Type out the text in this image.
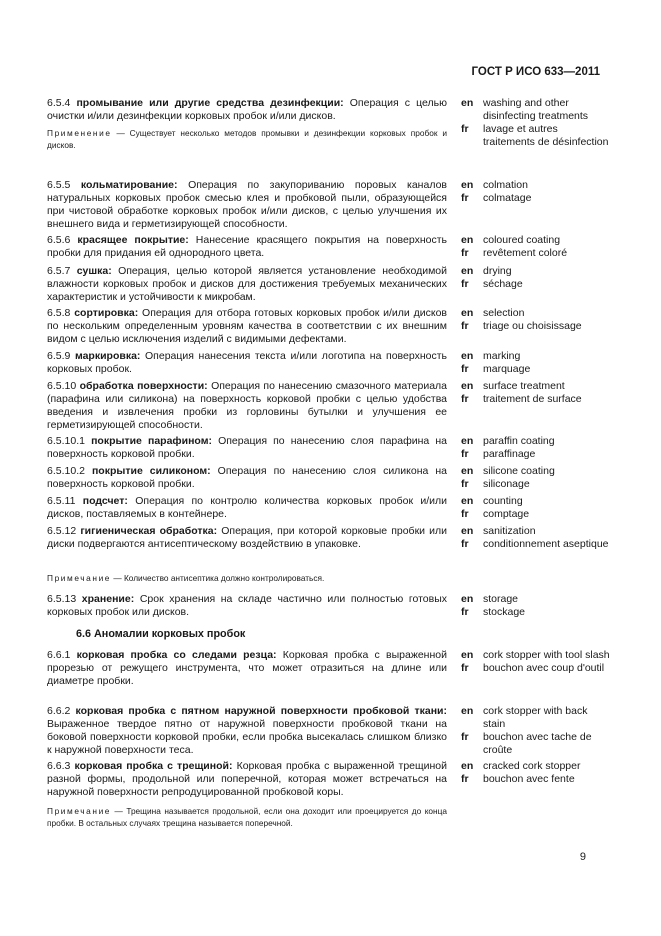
ГОСТ Р ИСО 633—2011
6.5.4 промывание или другие средства дезинфекции: Операция с целью очистки и/или дезинфекции корковых пробок и/или дисков.
en washing and other disinfecting treatments
fr	lavage et autres traitements de désinfection
Применение — Существует несколько методов промывки и дезинфекции корковых пробок и дисков.
6.5.5 кольматирование: Операция по закупориванию поровых каналов натуральных корковых пробок смесью клея и пробковой пыли, образующейся при чистовой обработке корковых пробок и/или дисков, с целью улучшения их внешнего вида и герметизирующей способности.
en colmation
fr	colmatage
6.5.6 красящее покрытие: Нанесение красящего покрытия на поверхность пробки для придания ей однородного цвета.
en coloured coating
fr	revêtement coloré
6.5.7 сушка: Операция, целью которой является установление необходимой влажности корковых пробок и дисков для достижения требуемых механических характеристик и устойчивости к микробам.
en drying
fr	séchage
6.5.8 сортировка: Операция для отбора готовых корковых пробок и/или дисков по нескольким определенным уровням качества в соответствии с их внешним видом с целью исключения изделий с видимыми дефектами.
en selection
fr	triage ou choisissage
6.5.9 маркировка: Операция нанесения текста и/или логотипа на поверхность корковых пробок.
en marking
fr	marquage
6.5.10 обработка поверхности: Операция по нанесению смазочного материала (парафина или силикона) на поверхность корковой пробки с целью удобства введения и извлечения пробки из горловины бутылки и улучшения ее герметизирующей способности.
en surface treatment
fr	traitement de surface
6.5.10.1 покрытие парафином: Операция по нанесению слоя парафина на поверхность корковой пробки.
en paraffin coating
fr	paraffinage
6.5.10.2 покрытие силиконом: Операция по нанесению слоя силикона на поверхность корковой пробки.
en silicone coating
fr	siliconage
6.5.11 подсчет: Операция по контролю количества корковых пробок и/или дисков, поставляемых в контейнере.
en counting
fr	comptage
6.5.12 гигиеническая обработка: Операция, при которой корковые пробки или диски подвергаются антисептическому воздействию в упаковке.
en sanitization
fr	conditionnement aseptique
Примечание — Количество антисептика должно контролироваться.
6.5.13 хранение: Срок хранения на складе частично или полностью готовых корковых пробок или дисков.
en storage
fr	stockage
6.6 Аномалии корковых пробок
6.6.1 корковая пробка со следами резца: Корковая пробка с выраженной прорезью от режущего инструмента, что может отразиться на длине или диаметре пробки.
en cork stopper with tool slash
fr	bouchon avec coup d'outil
6.6.2 корковая пробка с пятном наружной поверхности пробковой ткани: Выраженное твердое пятно от наружной поверхности пробковой ткани на боковой поверхности корковой пробки, если пробка высекалась слишком близко к наружной поверхности теса.
en cork stopper with back stain
fr	bouchon avec tache de croûte
6.6.3 корковая пробка с трещиной: Корковая пробка с выраженной трещиной разной формы, продольной или поперечной, которая может встречаться на наружной поверхности репродуцированной пробковой коры.
en cracked cork stopper
fr	bouchon avec fente
Примечание — Трещина называется продольной, если она доходит или проецируется до конца пробки. В остальных случаях трещина называется поперечной.
9
